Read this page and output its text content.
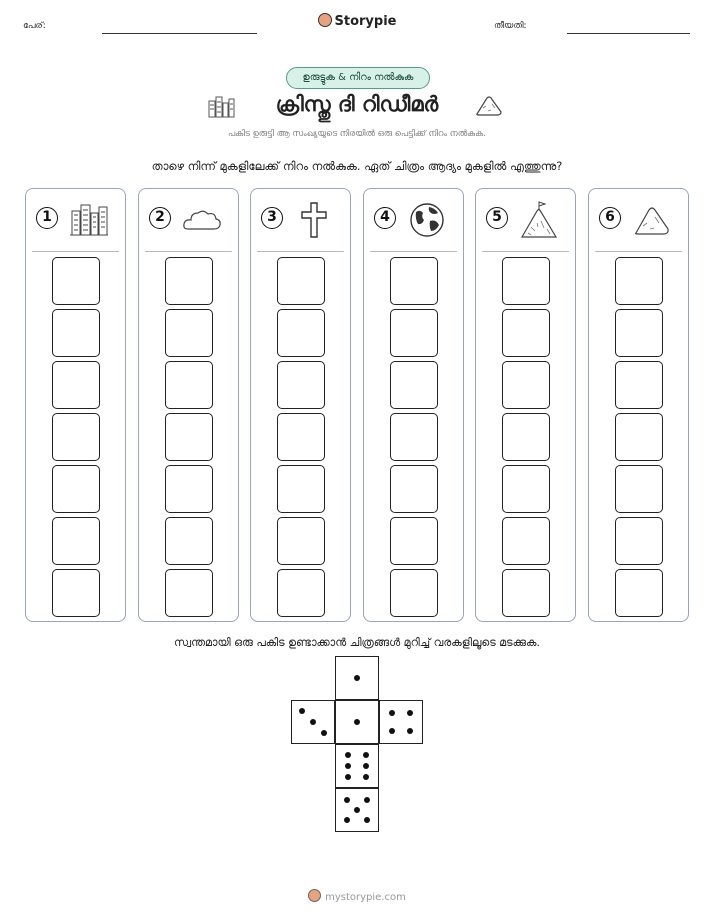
പേര്:	Storypie	തീയതി:
ഉരുട്ടുക & നിറം നൽകുക
ക്രിസ്തു ദി റിഡീമർ
പകിട ഉരുട്ടി ആ സംഖ്യയുടെ നിരയിൽ ഒരു പെട്ടിക്ക് നിറം നൽകുക.
താഴെ നിന്ന് മുകളിലേക്ക് നിറം നൽകുക. ഏത് ചിത്രം ആദ്യം മുകളിൽ എത്തുന്നു?
1	2	3	4	5	6
സ്വന്തമായി ഒരു പകിട ഉണ്ടാക്കാൻ ചിത്രങ്ങൾ മുറിച്ച് വരകളിലൂടെ മടക്കുക.
mystorypie.com
